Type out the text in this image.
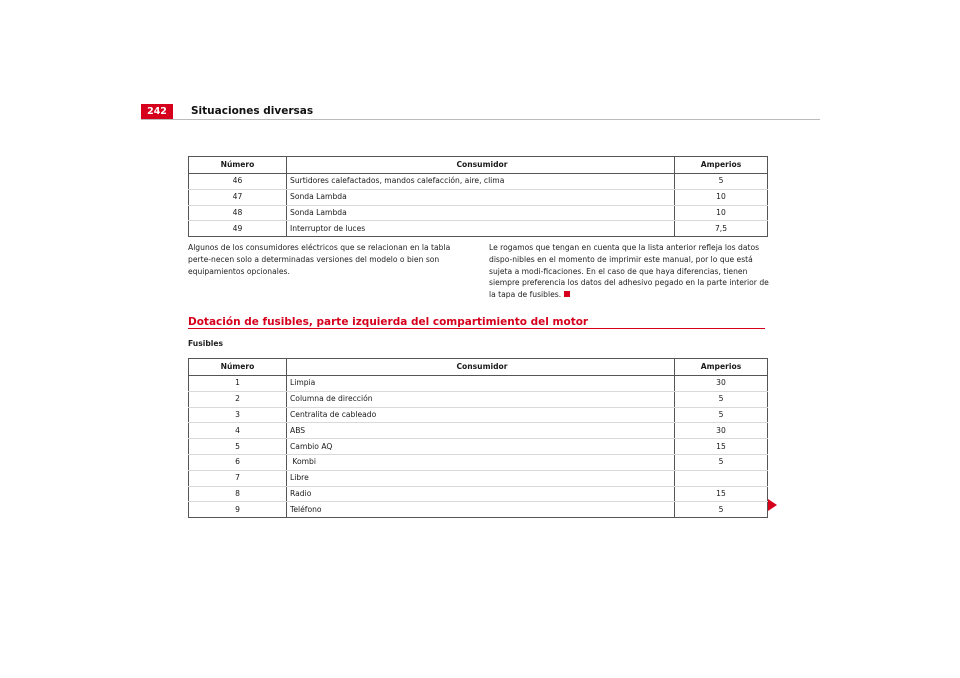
242	Situaciones diversas
Número	Consumidor	Amperios
46	Surtidores calefactados, mandos calefacción, aire, clima	5
47	Sonda Lambda	10
48	Sonda Lambda	10
49	Interruptor de luces	7,5
Algunos de los consumidores eléctricos que se relacionan en la tabla perte-necen solo a determinadas versiones del modelo o bien son equipamientos opcionales.
Le rogamos que tengan en cuenta que la lista anterior refleja los datos dispo-nibles en el momento de imprimir este manual, por lo que está sujeta a modi-ficaciones. En el caso de que haya diferencias, tienen siempre preferencia los datos del adhesivo pegado en la parte interior de la tapa de fusibles.
Dotación de fusibles, parte izquierda del compartimiento del motor
Fusibles
Número	Consumidor	Amperios
1	Limpia	30
2	Columna de dirección	5
3	Centralita de cableado	5
4	ABS	30
5	Cambio AQ	15
6	Kombi	5
7	Libre	
8	Radio	15
9	Teléfono	5
